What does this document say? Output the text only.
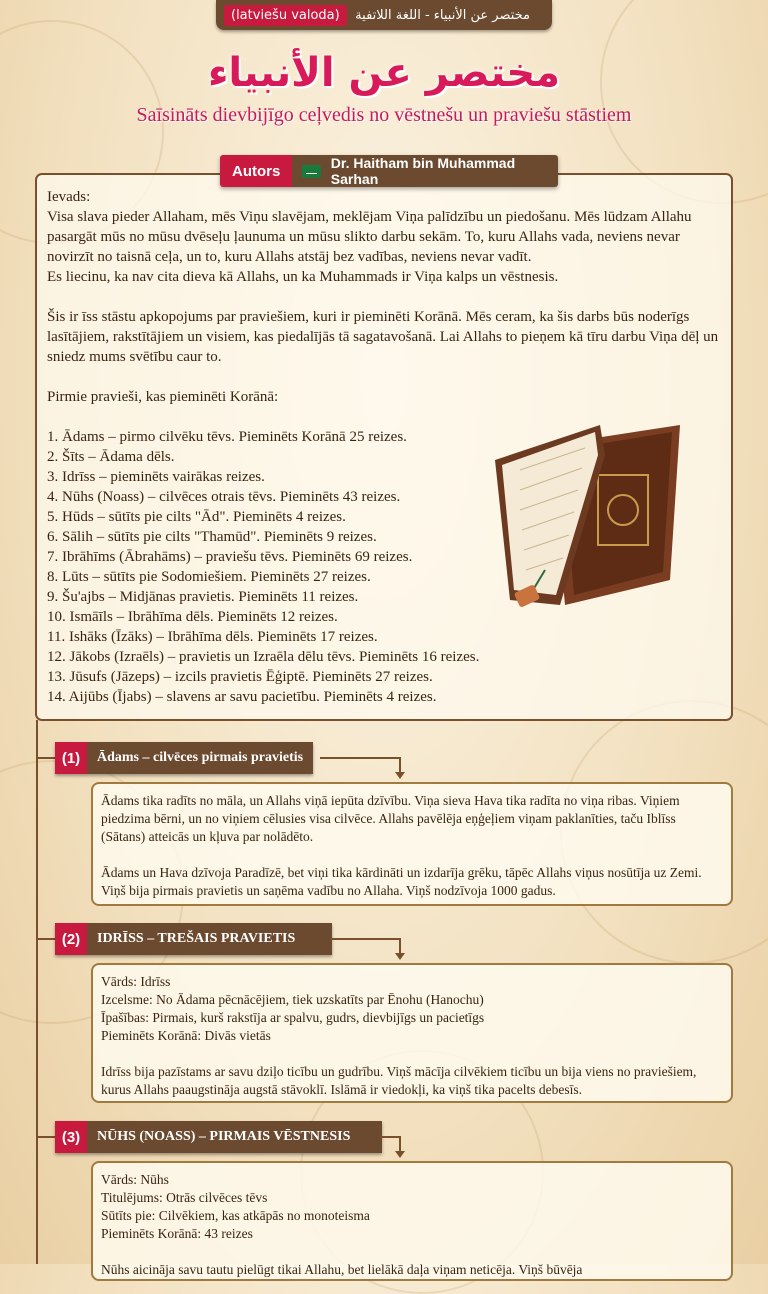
(latviešu valoda)	مختصر عن الأنبياء - اللغة اللاتفية
مختصر عن الأنبياء
Saīsināts dievbijīgo ceļvedis no vēstnešu un praviešu stāstiem

Ievads:

Visa slava pieder Allaham, mēs Viņu slavējam, meklējam Viņa palīdzību un piedošanu. Mēs lūdzam Allahu pasargāt mūs no mūsu dvēseļu ļaunuma un mūsu slikto darbu sekām. To, kuru Allahs vada, neviens nevar novirzīt no taisnā ceļa, un to, kuru Allahs atstāj bez vadības, neviens nevar vadīt.

Es liecinu, ka nav cita dieva kā Allahs, un ka Muhammads ir Viņa kalps un vēstnesis.

Šis ir īss stāstu apkopojums par praviešiem, kuri ir pieminēti Korānā. Mēs ceram, ka šis darbs būs noderīgs lasītājiem, rakstītājiem un visiem, kas piedalījās tā sagatavošanā. Lai Allahs to pieņem kā tīru darbu Viņa dēļ un sniedz mums svētību caur to.

Pirmie pravieši, kas pieminēti Korānā:

1. Ādams – pirmo cilvēku tēvs. Pieminēts Korānā 25 reizes.

2. Šīts – Ādama dēls.

3. Idrīss – pieminēts vairākas reizes.

4. Nūhs (Noass) – cilvēces otrais tēvs. Pieminēts 43 reizes.

5. Hūds – sūtīts pie cilts "Ād". Pieminēts 4 reizes.

6. Sālih – sūtīts pie cilts "Thamūd". Pieminēts 9 reizes.

7. Ibrāhīms (Ābrahāms) – praviešu tēvs. Pieminēts 69 reizes.

8. Lūts – sūtīts pie Sodomiešiem. Pieminēts 27 reizes.

9. Šu'ajbs – Midjānas pravietis. Pieminēts 11 reizes.

10. Ismāīls – Ibrāhīma dēls. Pieminēts 12 reizes.

11. Ishāks (Īzāks) – Ibrāhīma dēls. Pieminēts 17 reizes.

12. Jākobs (Izraēls) – pravietis un Izraēla dēlu tēvs. Pieminēts 16 reizes.

13. Jūsufs (Jāzeps) – izcils pravietis Ēģiptē. Pieminēts 27 reizes.

14. Aijūbs (Ījabs) – slavens ar savu pacietību. Pieminēts 4 reizes.

Autors	Dr. Haitham bin Muhammad Sarhan
(1)	Ādams – cilvēces pirmais pravietis

Ādams tika radīts no māla, un Allahs viņā iepūta dzīvību. Viņa sieva Hava tika radīta no viņa ribas. Viņiem piedzima bērni, un no viņiem cēlusies visa cilvēce. Allahs pavēlēja eņģeļiem viņam paklanīties, taču Iblīss (Sātans) atteicās un kļuva par nolādēto.

Ādams un Hava dzīvoja Paradīzē, bet viņi tika kārdināti un izdarīja grēku, tāpēc Allahs viņus nosūtīja uz Zemi. Viņš bija pirmais pravietis un saņēma vadību no Allaha. Viņš nodzīvoja 1000 gadus.

(2)	IDRĪSS – TREŠAIS PRAVIETIS

Vārds: Idrīss

Izcelsme: No Ādama pēcnācējiem, tiek uzskatīts par Ēnohu (Hanochu)

Īpašības: Pirmais, kurš rakstīja ar spalvu, gudrs, dievbijīgs un pacietīgs

Pieminēts Korānā: Divās vietās

Idrīss bija pazīstams ar savu dziļo ticību un gudrību. Viņš mācīja cilvēkiem ticību un bija viens no praviešiem, kurus Allahs paaugstināja augstā stāvoklī. Islāmā ir viedokļi, ka viņš tika pacelts debesīs.

(3)	NŪHS (NOASS) – PIRMAIS VĒSTNESIS

Vārds: Nūhs

Titulējums: Otrās cilvēces tēvs

Sūtīts pie: Cilvēkiem, kas atkāpās no monoteisma

Pieminēts Korānā: 43 reizes

Nūhs aicināja savu tautu pielūgt tikai Allahu, bet lielākā daļa viņam neticēja. Viņš būvēja
